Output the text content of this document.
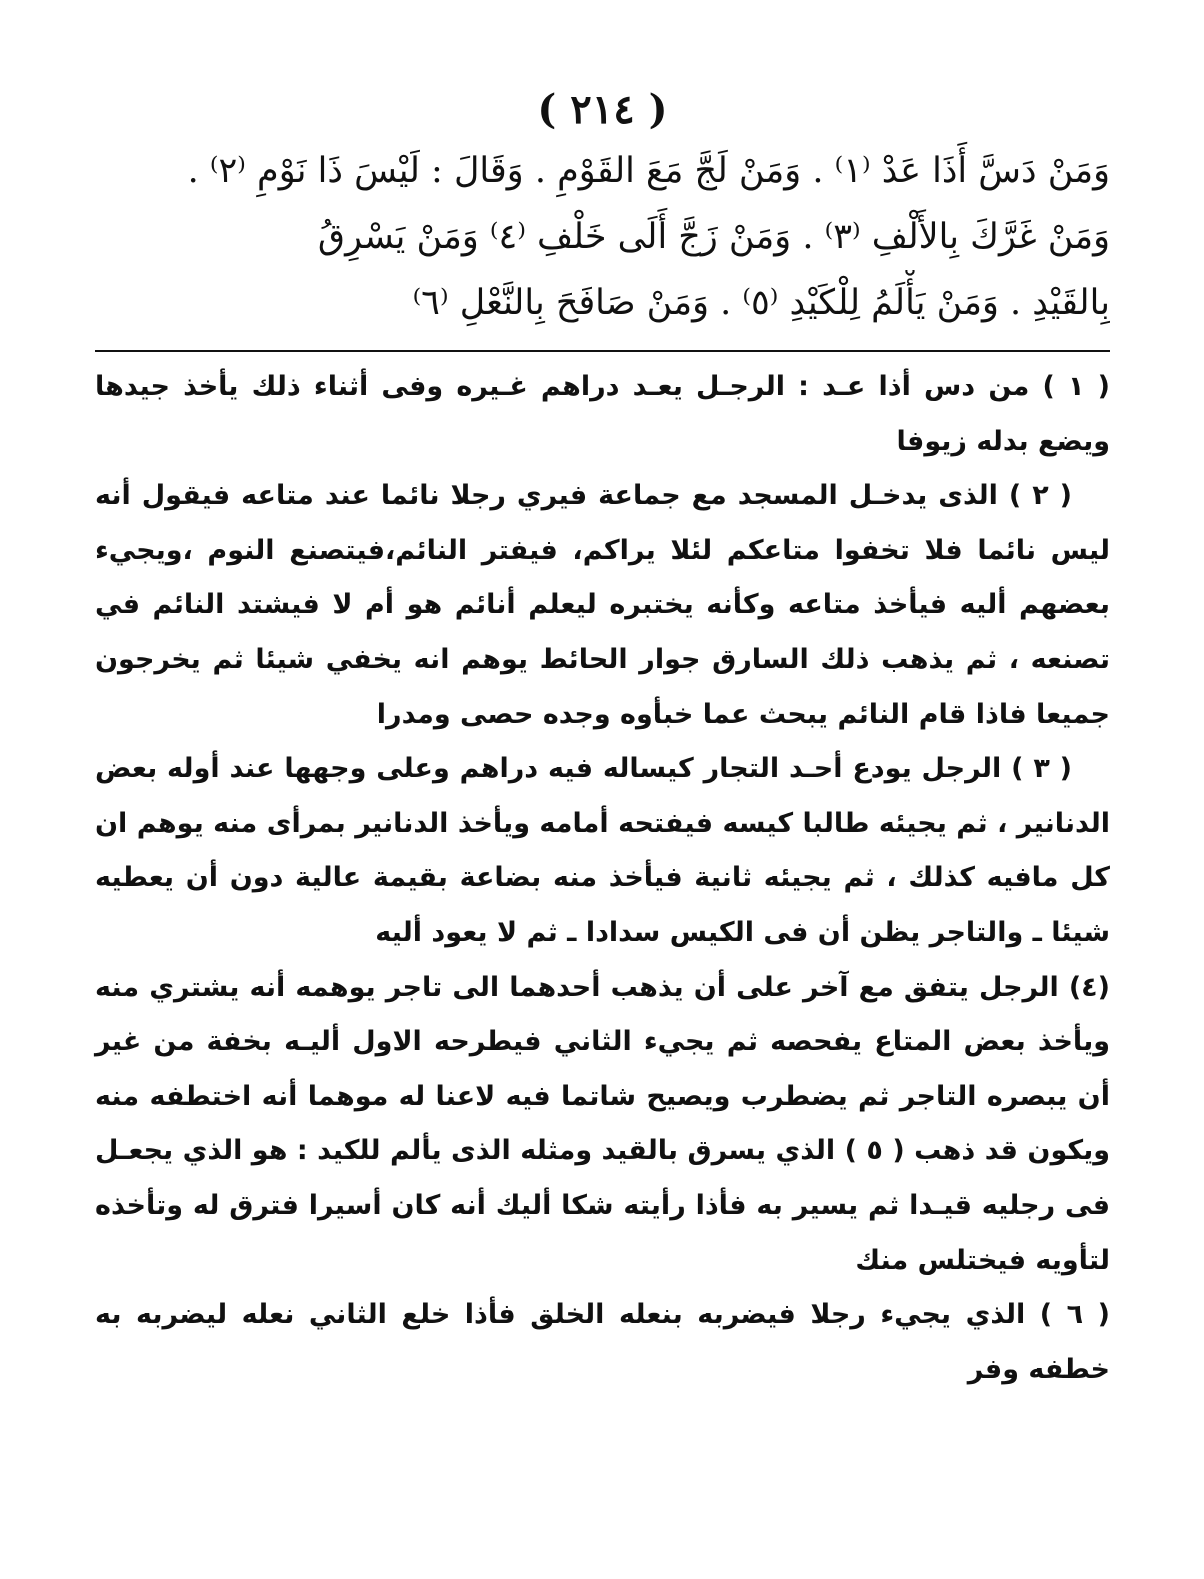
( ٢١٤ )

وَمَنْ دَسَّ أَذَا عَدْ ⁽١⁾ . وَمَنْ لَجَّ مَعَ القَوْمِ . وَقَالَ : لَيْسَ ذَا نَوْمِ ⁽٢⁾ .

وَمَنْ غَرَّكَ بِالأَلْفِ ⁽٣⁾ . وَمَنْ زَجَّ أَلَى خَلْفِ ⁽٤⁾ وَمَنْ يَسْرِقُ

بِالقَيْدِ . وَمَنْ يَأْلَمُ لِلْكَيْدِ ⁽٥⁾ . وَمَنْ صَافَحَ بِالنَّعْلِ ⁽٦⁾

( ١ ) من دس أذا عـد : الرجـل يعـد دراهم غـيره وفى أثناء ذلك يأخذ جيدها ويضع بدله زيوفا

( ٢ ) الذى يدخـل المسجد مع جماعة فيري رجلا نائما عند متاعه فيقول أنه ليس نائما فلا تخفوا متاعكم لئلا يراكم، فيفتر النائم،فيتصنع النوم ،ويجيء بعضهم أليه فيأخذ متاعه وكأنه يختبره ليعلم أنائم هو أم لا فيشتد النائم في تصنعه ، ثم يذهب ذلك السارق جوار الحائط يوهم انه يخفي شيئا ثم يخرجون جميعا فاذا قام النائم يبحث عما خبأوه وجده حصى ومدرا

( ٣ ) الرجل يودع أحـد التجار كيساله فيه دراهم وعلى وجهها عند أوله بعض الدنانير ، ثم يجيئه طالبا كيسه فيفتحه أمامه ويأخذ الدنانير بمرأى منه يوهم ان كل مافيه كذلك ، ثم يجيئه ثانية فيأخذ منه بضاعة بقيمة عالية دون أن يعطيه شيئا ـ والتاجر يظن أن فى الكيس سدادا ـ ثم لا يعود أليه

(٤) الرجل يتفق مع آخر على أن يذهب أحدهما الى تاجر يوهمه أنه يشتري منه ويأخذ بعض المتاع يفحصه ثم يجيء الثاني فيطرحه الاول أليـه بخفة من غير أن يبصره التاجر ثم يضطرب ويصيح شاتما فيه لاعنا له موهما أنه اختطفه منه ويكون قد ذهب ( ٥ ) الذي يسرق بالقيد ومثله الذى يألم للكيد : هو الذي يجعـل فى رجليه قيـدا ثم يسير به فأذا رأيته شكا أليك أنه كان أسيرا فترق له وتأخذه لتأويه فيختلس منك

( ٦ ) الذي يجيء رجلا فيضربه بنعله الخلق فأذا خلع الثاني نعله ليضربه به خطفه وفر
